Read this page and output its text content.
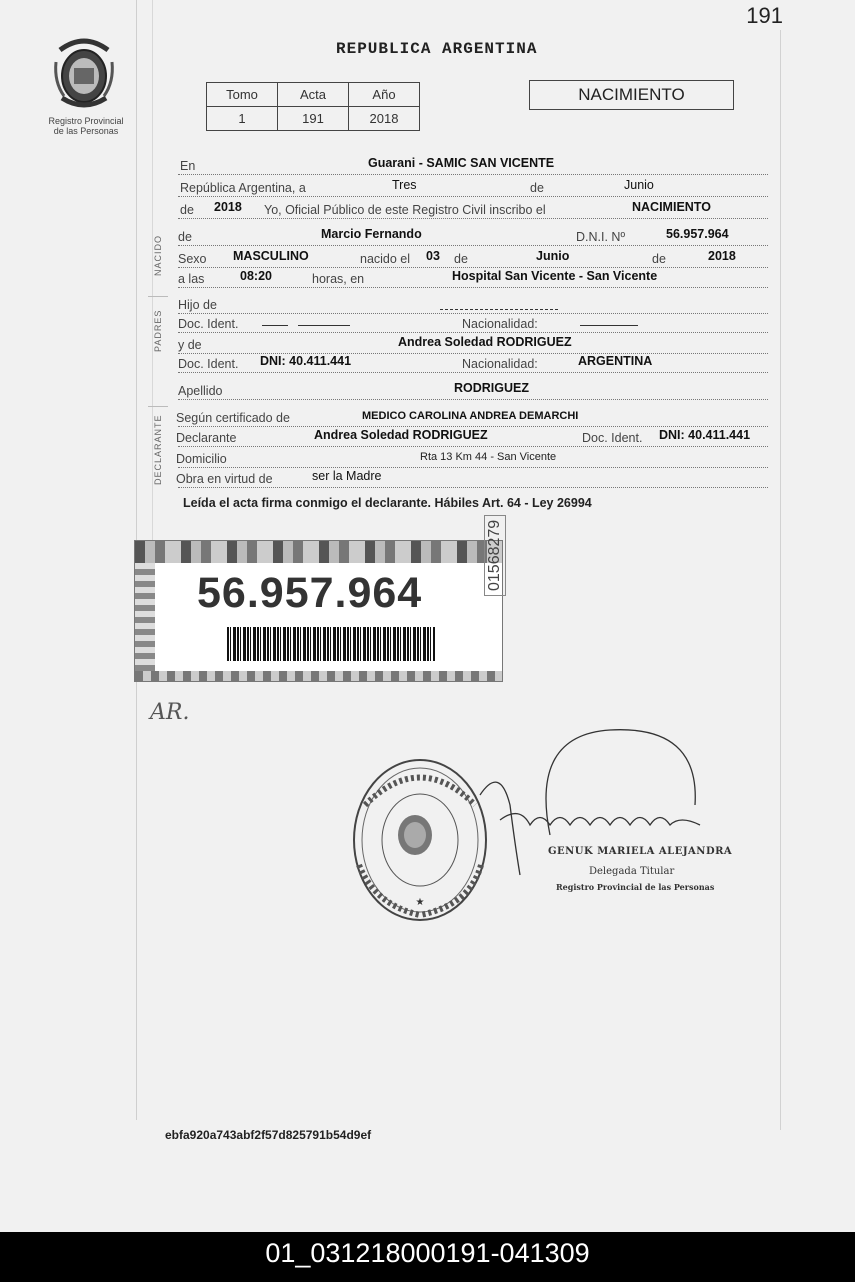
191
Registro Provincial
de las Personas
REPUBLICA ARGENTINA
Tomo	Acta	Año
1	191	2018
NACIMIENTO
NACIDO
PADRES
DECLARANTE
En	Guarani - SAMIC SAN VICENTE
República Argentina, a	Tres	de	Junio
de 2018 Yo, Oficial Público de este Registro Civil inscribo el	NACIMIENTO
de	Marcio Fernando	D.N.I. Nº	56.957.964
Sexo MASCULINO	nacido el 03 de	Junio	de	2018
a las	08:20	horas, en	Hospital San Vicente - San Vicente
Hijo de
Doc. Ident.	Nacionalidad:
y de	Andrea Soledad RODRIGUEZ
Doc. Ident. DNI: 40.411.441	Nacionalidad:	ARGENTINA
Apellido	RODRIGUEZ
Según certificado de	MEDICO CAROLINA ANDREA DEMARCHI
Declarante	Andrea Soledad RODRIGUEZ	Doc. Ident. DNI: 40.411.441
Domicilio	Rta 13 Km 44 - San Vicente
Obra en virtud de	ser la Madre
Leída el acta firma conmigo el declarante. Hábiles Art. 64 - Ley 26994
56.957.964
01568279
AR.
★
GENUK MARIELA ALEJANDRA
Delegada Titular
Registro Provincial de las Personas
ebfa920a743abf2f57d825791b54d9ef
01_031218000191-041309
